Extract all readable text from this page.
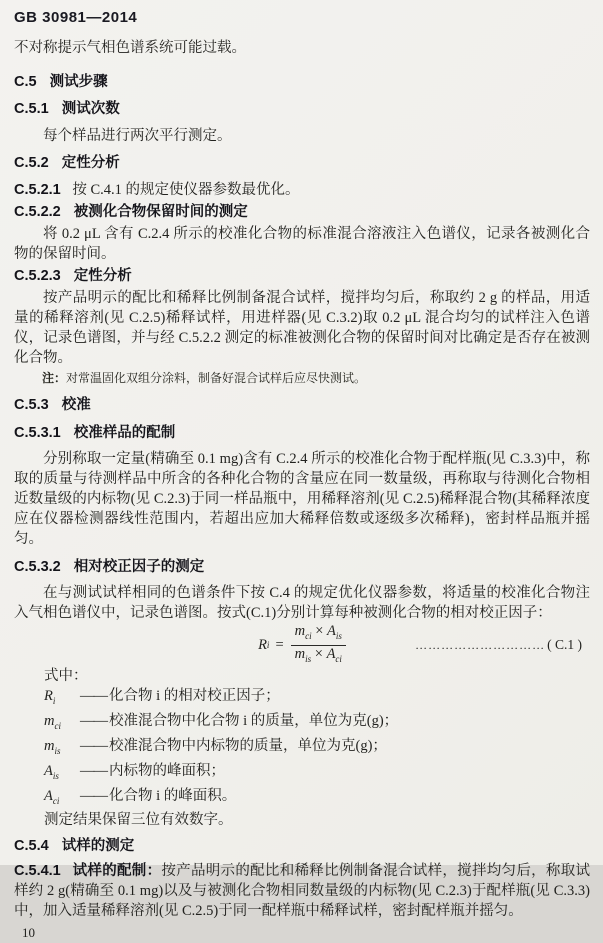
GB 30981—2014

不对称提示气相色谱系统可能过载。

C.5 测试步骤
C.5.1 测试次数

每个样品进行两次平行测定。

C.5.2 定性分析

C.5.2.1 按 C.4.1 的规定使仪器参数最优化。

C.5.2.2 被测化合物保留时间的测定

将 0.2 μL 含有 C.2.4 所示的校准化合物的标准混合溶液注入色谱仪，记录各被测化合物的保留时间。

C.5.2.3 定性分析

按产品明示的配比和稀释比例制备混合试样，搅拌均匀后，称取约 2 g 的样品，用适量的稀释溶剂(见 C.2.5)稀释试样，用进样器(见 C.3.2)取 0.2 μL 混合均匀的试样注入色谱仪，记录色谱图，并与经 C.5.2.2 测定的标准被测化合物的保留时间对比确定是否存在被测化合物。

注：对常温固化双组分涂料，制备好混合试样后应尽快测试。
C.5.3 校准
C.5.3.1 校准样品的配制

分别称取一定量(精确至 0.1 mg)含有 C.2.4 所示的校准化合物于配样瓶(见 C.3.3)中，称取的质量与待测样品中所含的各种化合物的含量应在同一数量级，再称取与待测化合物相近数量级的内标物(见 C.2.3)于同一样品瓶中，用稀释溶剂(见 C.2.5)稀释混合物(其稀释浓度应在仪器检测器线性范围内，若超出应加大稀释倍数或逐级多次稀释)，密封样品瓶并摇匀。

C.5.3.2 相对校正因子的测定

在与测试试样相同的色谱条件下按 C.4 的规定优化仪器参数，将适量的校准化合物注入气相色谱仪中，记录色谱图。按式(C.1)分别计算每种被测化合物的相对校正因子：

R $i = \frac{m_{ci} \times A_{is}}{m_{is} \times A_{ci}}$	………………………… ( C.1 )
式中：
$R_i$	—— 化合物 i 的相对校正因子；
$m_{ci}$	—— 校准混合物中化合物 i 的质量，单位为克(g)；
$m_{is}$	—— 校准混合物中内标物的质量，单位为克(g)；
$A_{is}$	—— 内标物的峰面积；
$A_{ci}$	—— 化合物 i 的峰面积。
测定结果保留三位有效数字。
C.5.4 试样的测定

C.5.4.1 试样的配制：按产品明示的配比和稀释比例制备混合试样，搅拌均匀后，称取试样约 2 g(精确至 0.1 mg)以及与被测化合物相同数量级的内标物(见 C.2.3)于配样瓶(见 C.3.3)中，加入适量稀释溶剂(见 C.2.5)于同一配样瓶中稀释试样，密封配样瓶并摇匀。

10
